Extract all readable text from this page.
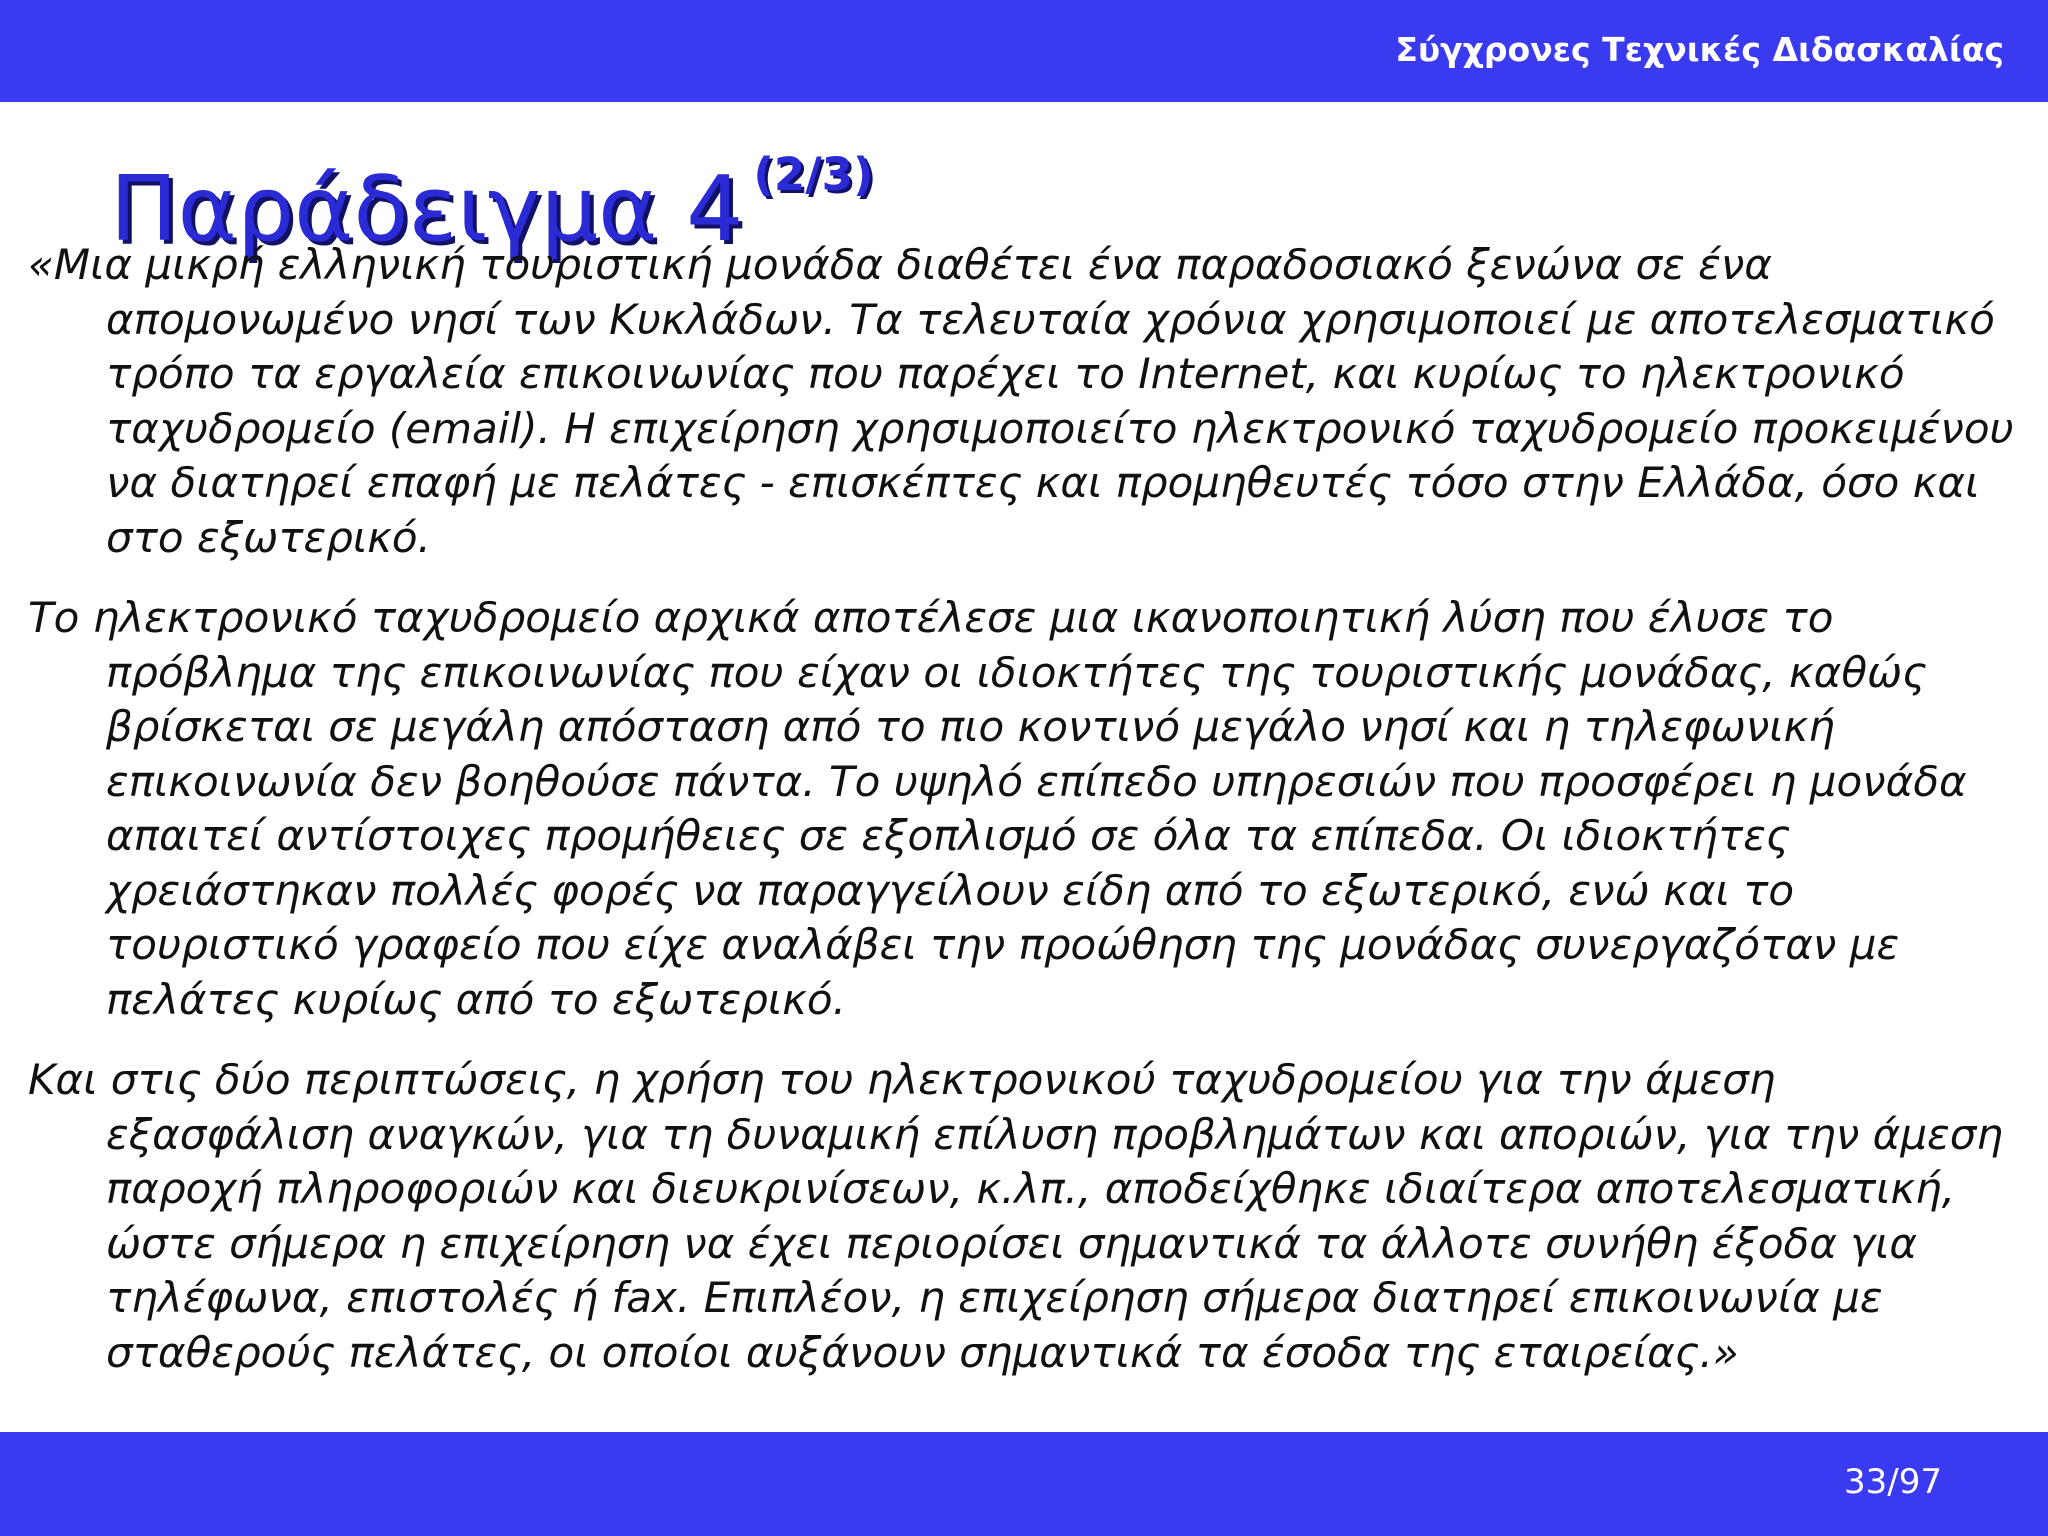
Σύγχρονες Τεχνικές Διδασκαλίας
Παράδειγμα 4 $^{(2/3)}$

«Μια μικρή ελληνική τουριστική μονάδα διαθέτει ένα παραδοσιακό ξενώνα σε ένα απομονωμένο νησί των Κυκλάδων. Τα τελευταία χρόνια χρησιμοποιεί με αποτελεσματικό τρόπο τα εργαλεία επικοινωνίας που παρέχει το Internet, και κυρίως το ηλεκτρονικό ταχυδρομείο (email). Η επιχείρηση χρησιμοποιείτο ηλεκτρονικό ταχυδρομείο προκειμένου να διατηρεί επαφή με πελάτες - επισκέπτες και προμηθευτές τόσο στην Ελλάδα, όσο και στο εξωτερικό.

Το ηλεκτρονικό ταχυδρομείο αρχικά αποτέλεσε μια ικανοποιητική λύση που έλυσε το πρόβλημα της επικοινωνίας που είχαν οι ιδιοκτήτες της τουριστικής μονάδας, καθώς βρίσκεται σε μεγάλη απόσταση από το πιο κοντινό μεγάλο νησί και η τηλεφωνική επικοινωνία δεν βοηθούσε πάντα. Το υψηλό επίπεδο υπηρεσιών που προσφέρει η μονάδα απαιτεί αντίστοιχες προμήθειες σε εξοπλισμό σε όλα τα επίπεδα. Οι ιδιοκτήτες χρειάστηκαν πολλές φορές να παραγγείλουν είδη από το εξωτερικό, ενώ και το τουριστικό γραφείο που είχε αναλάβει την προώθηση της μονάδας συνεργαζόταν με πελάτες κυρίως από το εξωτερικό.

Και στις δύο περιπτώσεις, η χρήση του ηλεκτρονικού ταχυδρομείου για την άμεση εξασφάλιση αναγκών, για τη δυναμική επίλυση προβλημάτων και αποριών, για την άμεση παροχή πληροφοριών και διευκρινίσεων, κ.λπ., αποδείχθηκε ιδιαίτερα αποτελεσματική, ώστε σήμερα η επιχείρηση να έχει περιορίσει σημαντικά τα άλλοτε συνήθη έξοδα για τηλέφωνα, επιστολές ή fax. Επιπλέον, η επιχείρηση σήμερα διατηρεί επικοινωνία με σταθερούς πελάτες, οι οποίοι αυξάνουν σημαντικά τα έσοδα της εταιρείας.»

33/97
